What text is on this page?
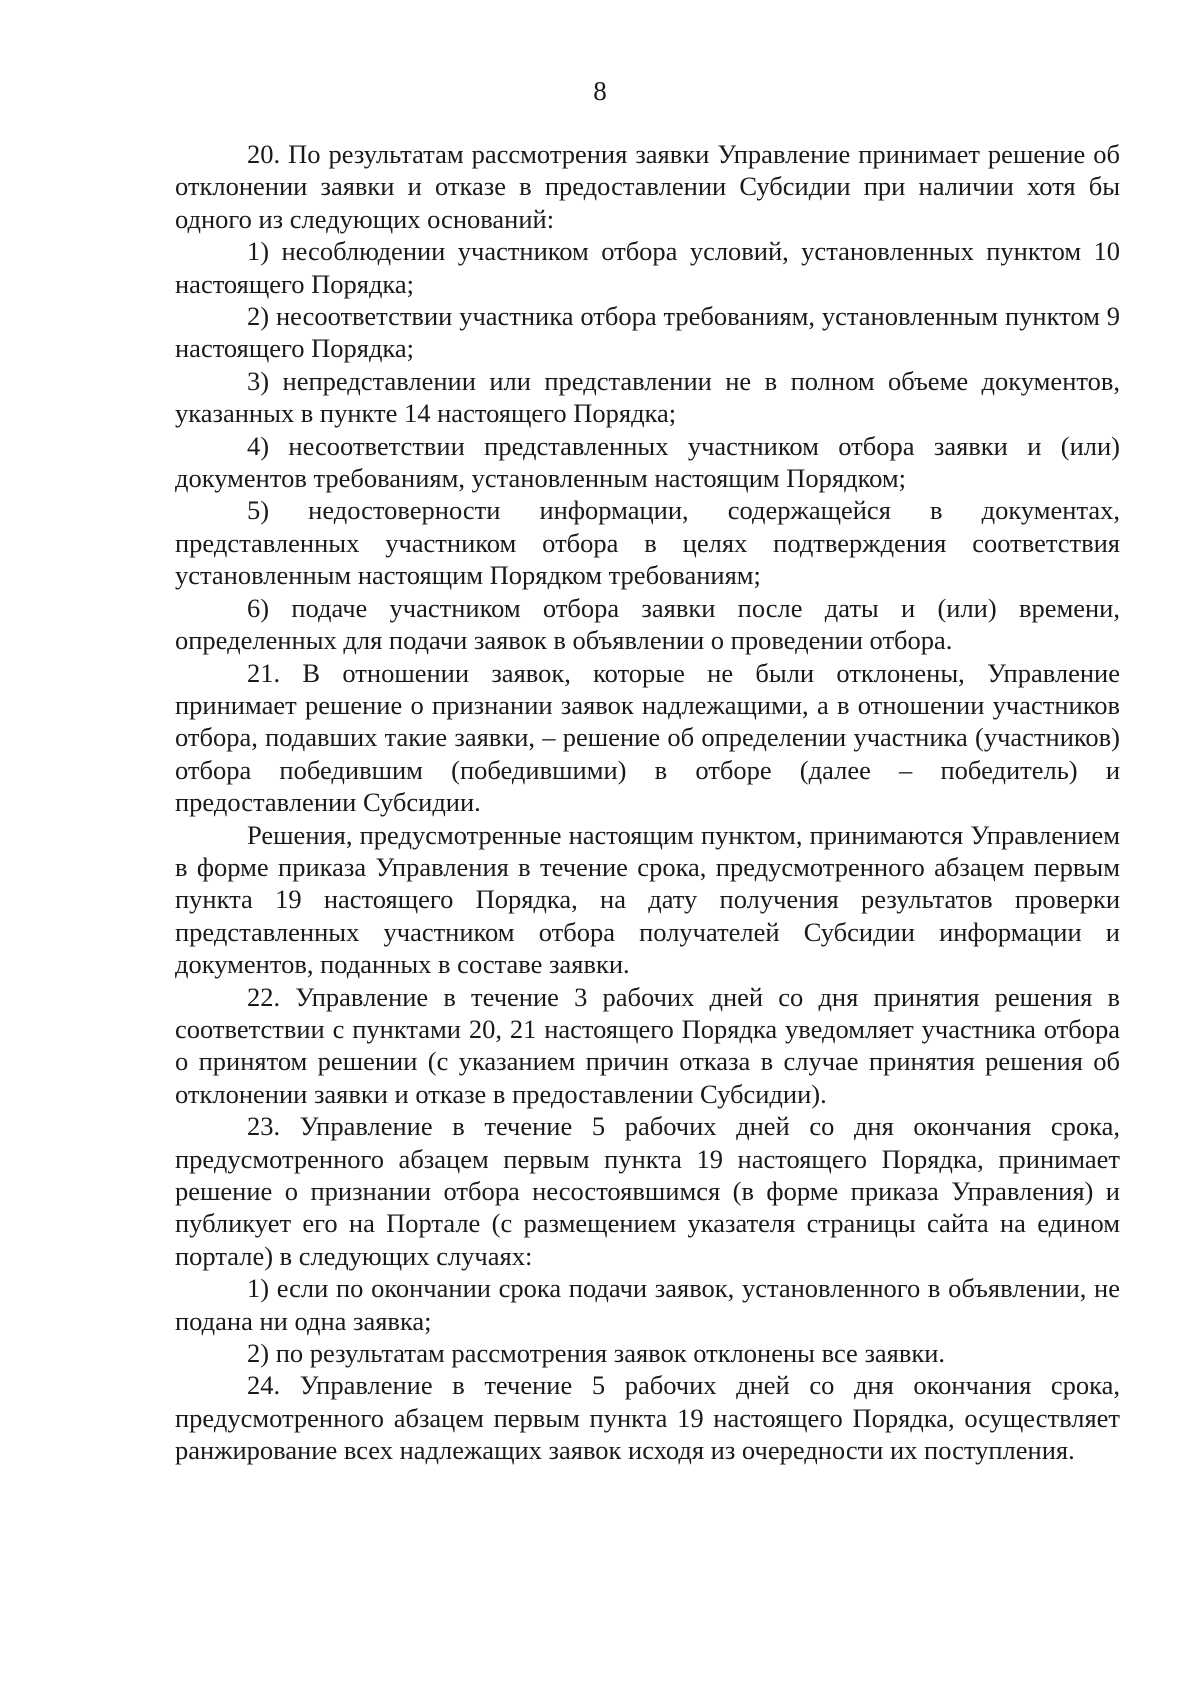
8

20. По результатам рассмотрения заявки Управление принимает решение об отклонении заявки и отказе в предоставлении Субсидии при наличии хотя бы одного из следующих оснований:

1) несоблюдении участником отбора условий, установленных пунктом 10 настоящего Порядка;

2) несоответствии участника отбора требованиям, установленным пунктом 9 настоящего Порядка;

3) непредставлении или представлении не в полном объеме документов, указанных в пункте 14 настоящего Порядка;

4) несоответствии представленных участником отбора заявки и (или) документов требованиям, установленным настоящим Порядком;

5) недостоверности информации, содержащейся в документах, представленных участником отбора в целях подтверждения соответствия установленным настоящим Порядком требованиям;

6) подаче участником отбора заявки после даты и (или) времени, определенных для подачи заявок в объявлении о проведении отбора.

21. В отношении заявок, которые не были отклонены, Управление принимает решение о признании заявок надлежащими, а в отношении участников отбора, подавших такие заявки, – решение об определении участника (участников) отбора победившим (победившими) в отборе (далее – победитель) и предоставлении Субсидии.

Решения, предусмотренные настоящим пунктом, принимаются Управлением в форме приказа Управления в течение срока, предусмотренного абзацем первым пункта 19 настоящего Порядка, на дату получения результатов проверки представленных участником отбора получателей Субсидии информации и документов, поданных в составе заявки.

22. Управление в течение 3 рабочих дней со дня принятия решения в соответствии с пунктами 20, 21 настоящего Порядка уведомляет участника отбора о принятом решении (с указанием причин отказа в случае принятия решения об отклонении заявки и отказе в предоставлении Субсидии).

23. Управление в течение 5 рабочих дней со дня окончания срока, предусмотренного абзацем первым пункта 19 настоящего Порядка, принимает решение о признании отбора несостоявшимся (в форме приказа Управления) и публикует его на Портале (с размещением указателя страницы сайта на едином портале) в следующих случаях:

1) если по окончании срока подачи заявок, установленного в объявлении, не подана ни одна заявка;

2) по результатам рассмотрения заявок отклонены все заявки.

24. Управление в течение 5 рабочих дней со дня окончания срока, предусмотренного абзацем первым пункта 19 настоящего Порядка, осуществляет ранжирование всех надлежащих заявок исходя из очередности их поступления.
